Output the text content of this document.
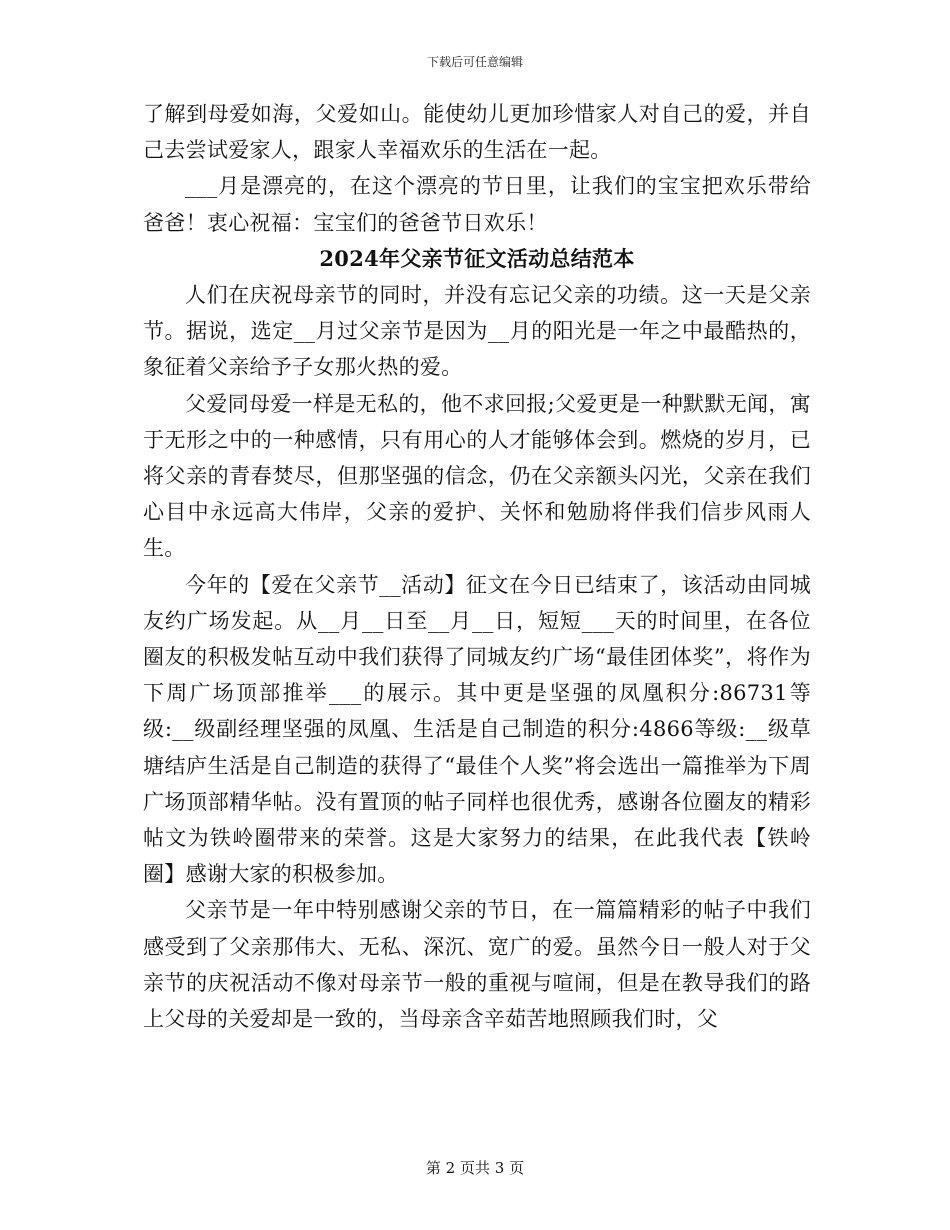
下载后可任意编辑

了解到母爱如海，父爱如山。能使幼儿更加珍惜家人对自己的爱，并自己去尝试爱家人，跟家人幸福欢乐的生活在一起。

___月是漂亮的，在这个漂亮的节日里，让我们的宝宝把欢乐带给爸爸！衷心祝福：宝宝们的爸爸节日欢乐！

2024年父亲节征文活动总结范本

人们在庆祝母亲节的同时，并没有忘记父亲的功绩。这一天是父亲节。据说，选定__月过父亲节是因为__月的阳光是一年之中最酷热的，象征着父亲给予子女那火热的爱。

父爱同母爱一样是无私的，他不求回报;父爱更是一种默默无闻，寓于无形之中的一种感情，只有用心的人才能够体会到。燃烧的岁月，已将父亲的青春焚尽，但那坚强的信念，仍在父亲额头闪光，父亲在我们心目中永远高大伟岸，父亲的爱护、关怀和勉励将伴我们信步风雨人生。

今年的【爱在父亲节__活动】征文在今日已结束了，该活动由同城友约广场发起。从__月__日至__月__日，短短___天的时间里，在各位圈友的积极发帖互动中我们获得了同城友约广场“最佳团体奖”，将作为下周广场顶部推举___的展示。其中更是坚强的凤凰积分:86731等级:__级副经理坚强的凤凰、生活是自己制造的积分:4866等级:__级草塘结庐生活是自己制造的获得了“最佳个人奖”将会选出一篇推举为下周广场顶部精华帖。没有置顶的帖子同样也很优秀，感谢各位圈友的精彩帖文为铁岭圈带来的荣誉。这是大家努力的结果，在此我代表【铁岭圈】感谢大家的积极参加。

父亲节是一年中特别感谢父亲的节日，在一篇篇精彩的帖子中我们感受到了父亲那伟大、无私、深沉、宽广的爱。虽然今日一般人对于父亲节的庆祝活动不像对母亲节一般的重视与喧闹，但是在教导我们的路上父母的关爱却是一致的，当母亲含辛茹苦地照顾我们时，父

第 2 页共 3 页
